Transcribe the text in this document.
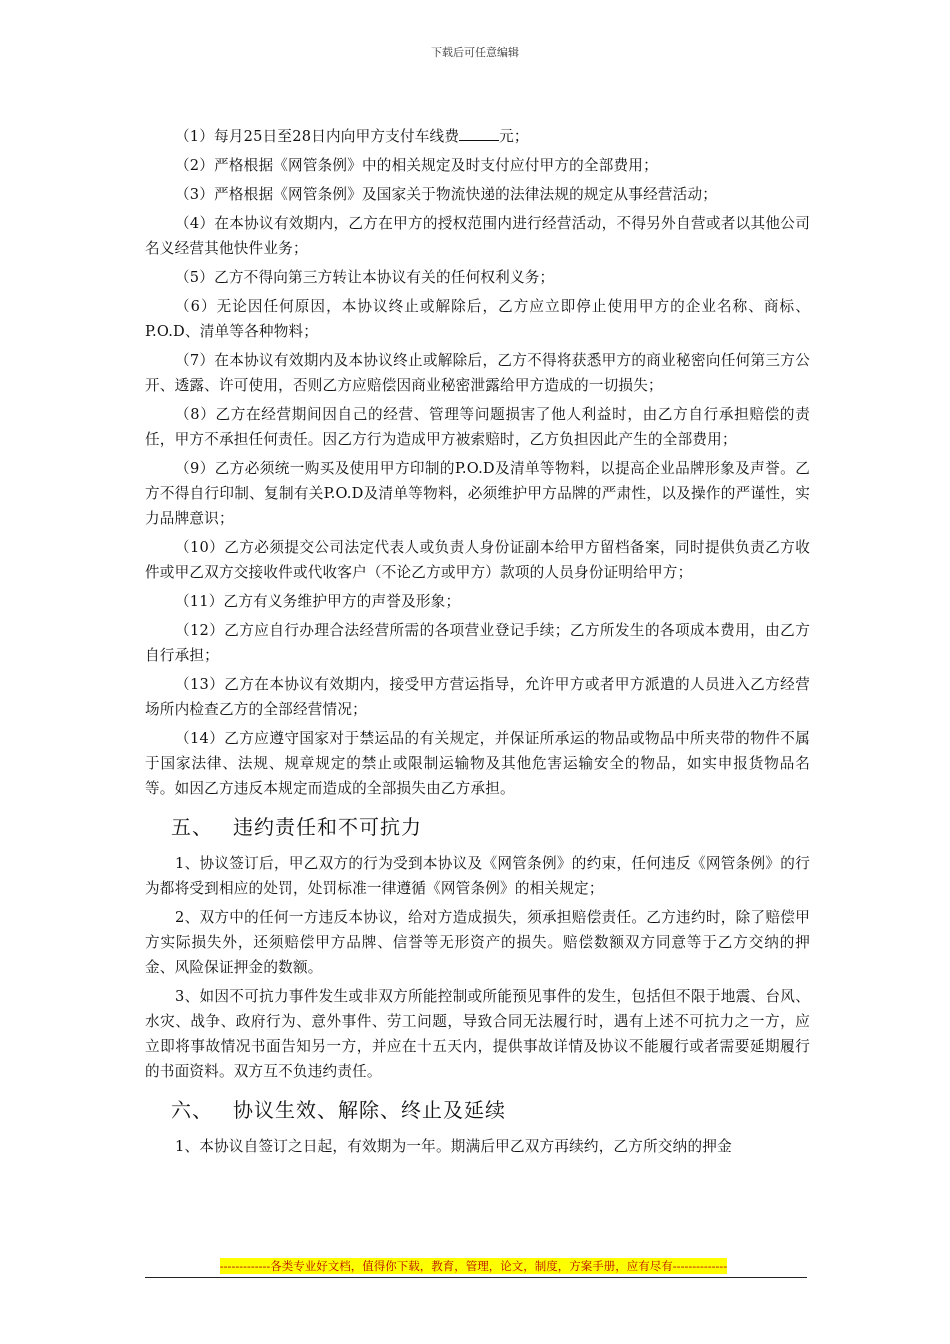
下载后可任意编辑

（1）每月25日至28日内向甲方支付车线费	元；

（2）严格根据《网管条例》中的相关规定及时支付应付甲方的全部费用；

（3）严格根据《网管条例》及国家关于物流快递的法律法规的规定从事经营活动；

（4）在本协议有效期内，乙方在甲方的授权范围内进行经营活动，不得另外自营或者以其他公司名义经营其他快件业务；

（5）乙方不得向第三方转让本协议有关的任何权利义务；

（6）无论因任何原因，本协议终止或解除后，乙方应立即停止使用甲方的企业名称、商标、P.O.D、清单等各种物料；

（7）在本协议有效期内及本协议终止或解除后，乙方不得将获悉甲方的商业秘密向任何第三方公开、透露、许可使用，否则乙方应赔偿因商业秘密泄露给甲方造成的一切损失；

（8）乙方在经营期间因自己的经营、管理等问题损害了他人利益时，由乙方自行承担赔偿的责任，甲方不承担任何责任。因乙方行为造成甲方被索赔时，乙方负担因此产生的全部费用；

（9）乙方必须统一购买及使用甲方印制的P.O.D及清单等物料，以提高企业品牌形象及声誉。乙方不得自行印制、复制有关P.O.D及清单等物料，必须维护甲方品牌的严肃性，以及操作的严谨性，实力品牌意识；

（10）乙方必须提交公司法定代表人或负责人身份证副本给甲方留档备案，同时提供负责乙方收件或甲乙双方交接收件或代收客户（不论乙方或甲方）款项的人员身份证明给甲方；

（11）乙方有义务维护甲方的声誉及形象；

（12）乙方应自行办理合法经营所需的各项营业登记手续；乙方所发生的各项成本费用，由乙方自行承担；

（13）乙方在本协议有效期内，接受甲方营运指导，允许甲方或者甲方派遣的人员进入乙方经营场所内检查乙方的全部经营情况；

（14）乙方应遵守国家对于禁运品的有关规定，并保证所承运的物品或物品中所夹带的物件不属于国家法律、法规、规章规定的禁止或限制运输物及其他危害运输安全的物品，如实申报货物品名等。如因乙方违反本规定而造成的全部损失由乙方承担。

五、 违约责任和不可抗力

1、协议签订后，甲乙双方的行为受到本协议及《网管条例》的约束，任何违反《网管条例》的行为都将受到相应的处罚，处罚标准一律遵循《网管条例》的相关规定；

2、双方中的任何一方违反本协议，给对方造成损失，须承担赔偿责任。乙方违约时，除了赔偿甲方实际损失外，还须赔偿甲方品牌、信誉等无形资产的损失。赔偿数额双方同意等于乙方交纳的押金、风险保证押金的数额。

3、如因不可抗力事件发生或非双方所能控制或所能预见事件的发生，包括但不限于地震、台风、水灾、战争、政府行为、意外事件、劳工问题，导致合同无法履行时，遇有上述不可抗力之一方，应立即将事故情况书面告知另一方，并应在十五天内，提供事故详情及协议不能履行或者需要延期履行的书面资料。双方互不负违约责任。

六、 协议生效、解除、终止及延续

1、本协议自签订之日起，有效期为一年。期满后甲乙双方再续约，乙方所交纳的押金

-------------各类专业好文档，值得你下载，教育，管理，论文，制度，方案手册，应有尽有--------------
